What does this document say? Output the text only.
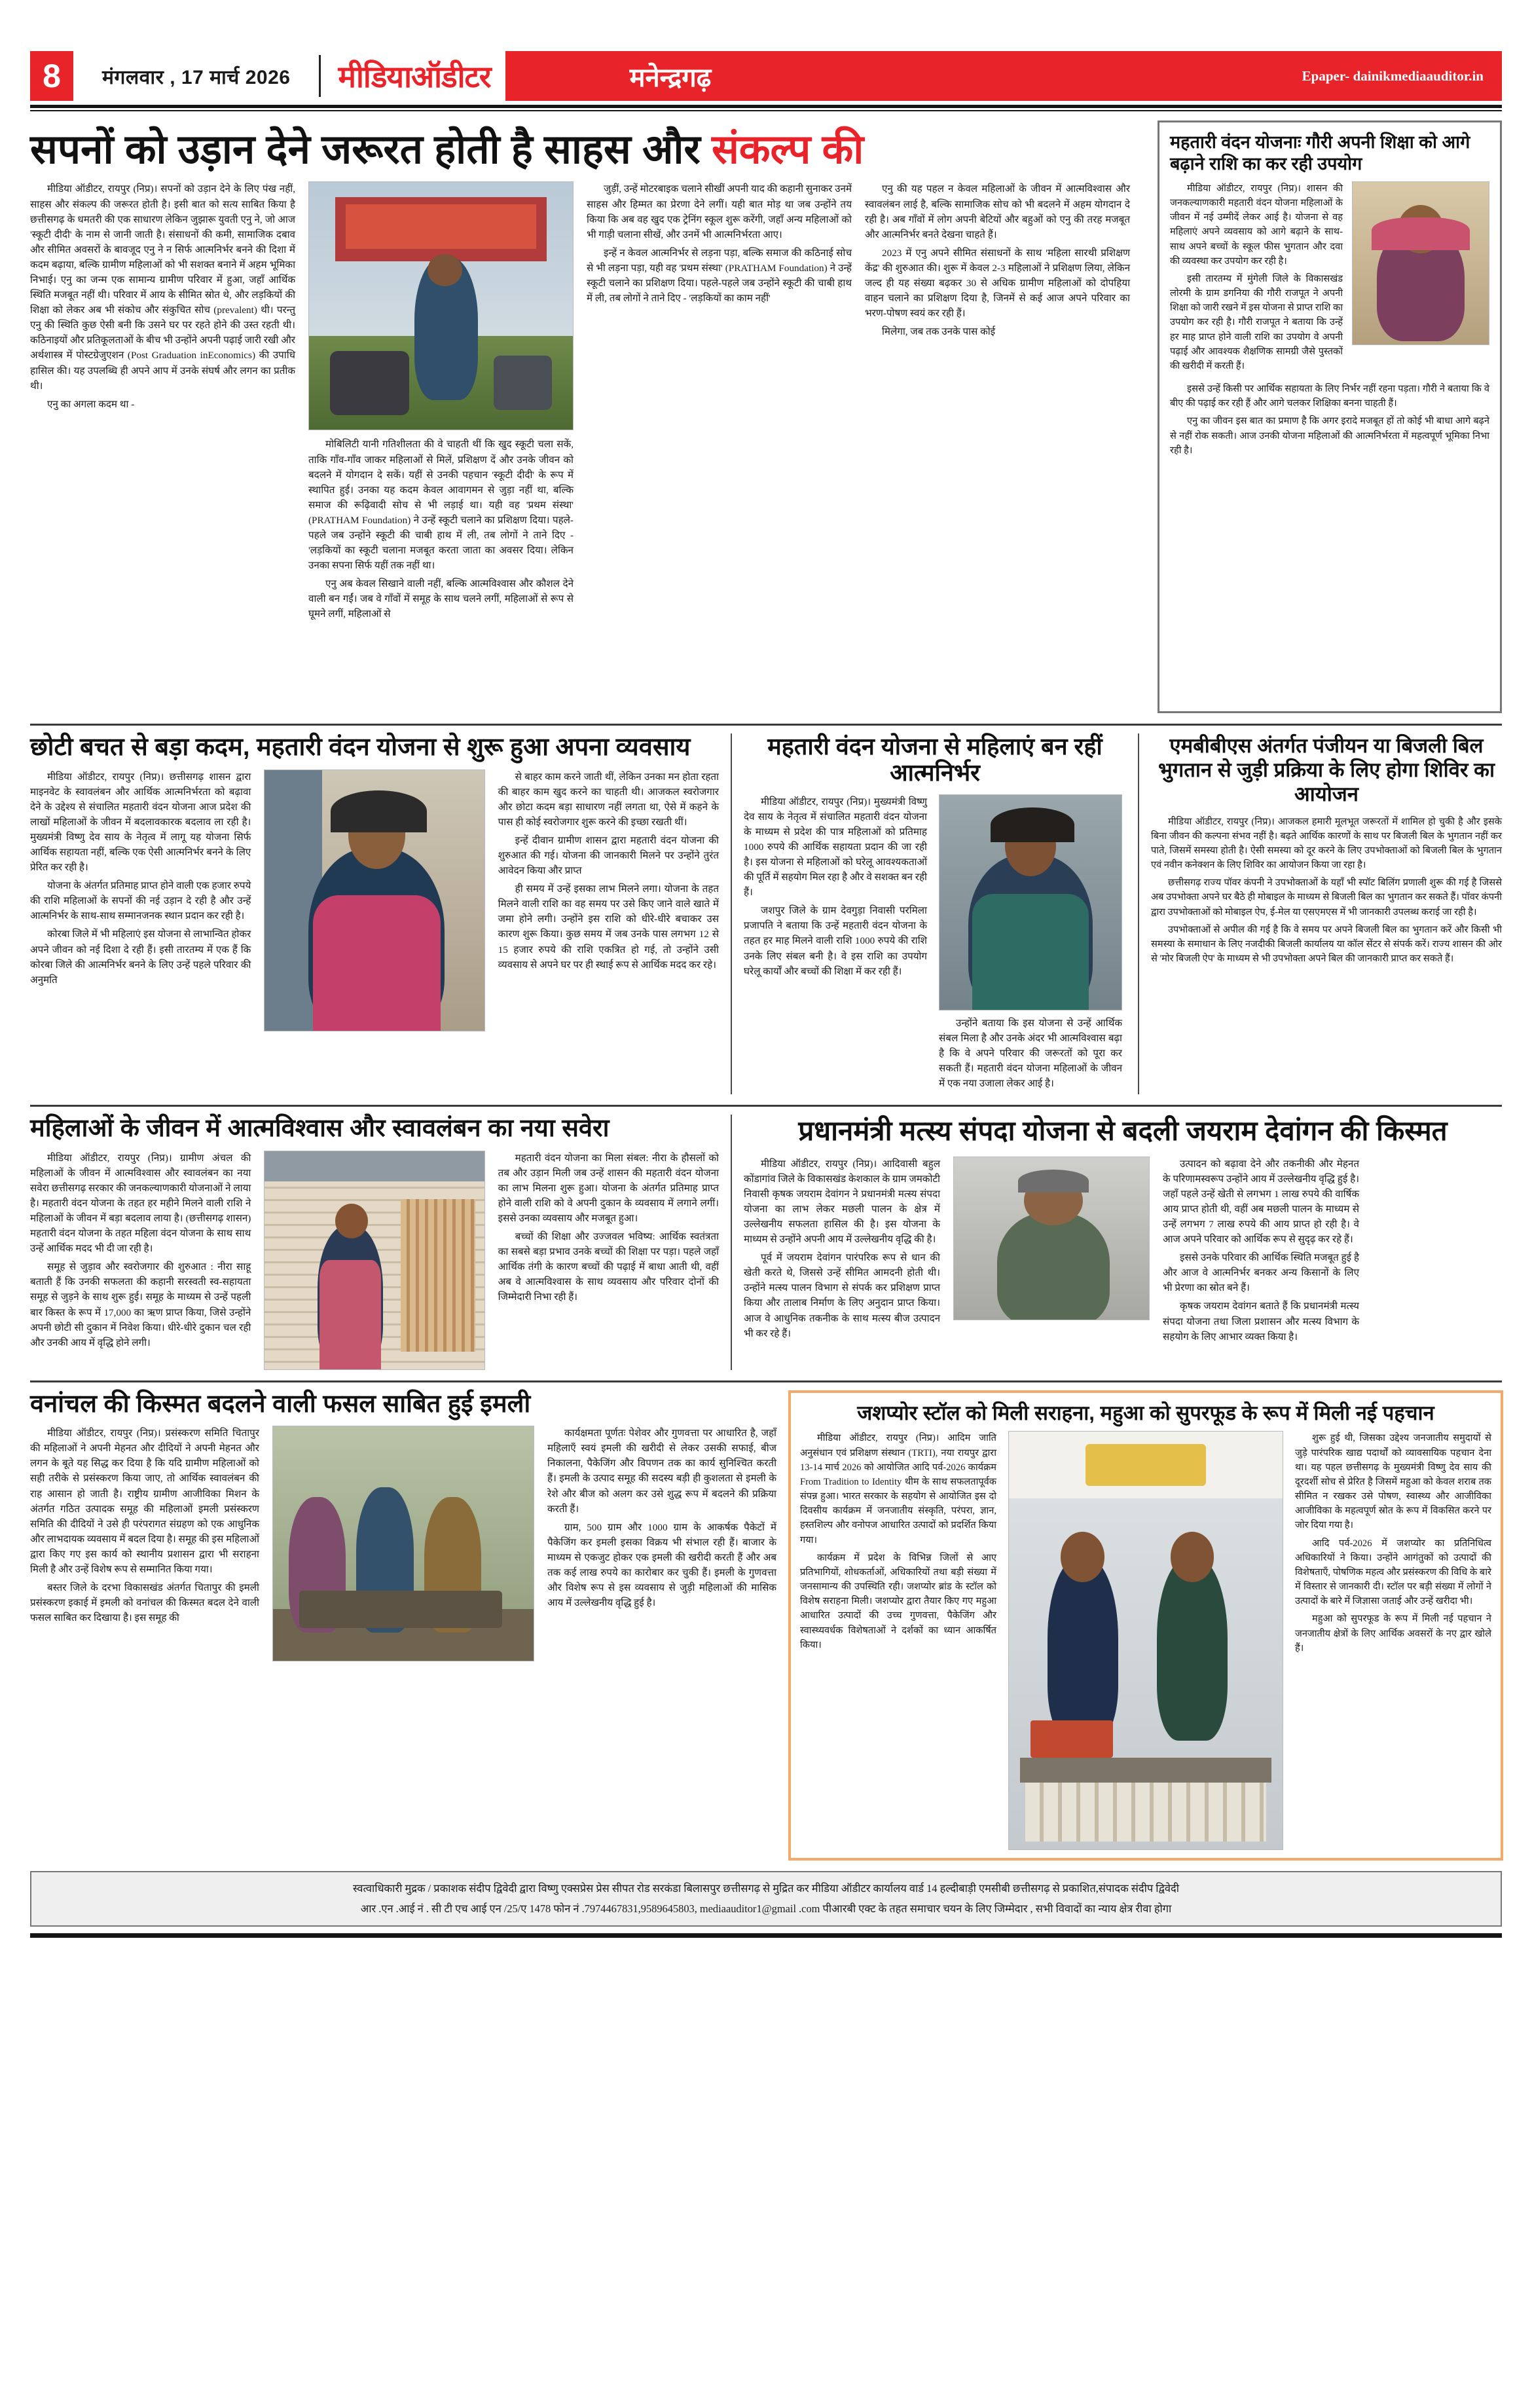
8	मंगलवार , 17 मार्च 2026	मीडियाऑडीटर	मनेन्द्रगढ़	Epaper- dainikmediaauditor.in
सपनों को उड़ान देने जरूरत होती है साहस और संकल्प की

मीडिया ऑडीटर, रायपुर (निप्र)। सपनों को उड़ान देने के लिए पंख नहीं, साहस और संकल्प की जरूरत होती है। इसी बात को सत्य साबित किया है छत्तीसगढ़ के धमतरी की एक साधारण लेकिन जुझारू युवती एनु ने, जो आज 'स्कूटी दीदी' के नाम से जानी जाती है। संसाधनों की कमी, सामाजिक दबाव और सीमित अवसरों के बावजूद एनु ने न सिर्फ आत्मनिर्भर बनने की दिशा में कदम बढ़ाया, बल्कि ग्रामीण महिलाओं को भी सशक्त बनाने में अहम भूमिका निभाई। एनु का जन्म एक सामान्य ग्रामीण परिवार में हुआ, जहाँ आर्थिक स्थिति मजबूत नहीं थी। परिवार में आय के सीमित स्रोत थे, और लड़कियों की शिक्षा को लेकर अब भी संकोच और संकुचित सोच (prevalent) थी। परन्तु एनु की स्थिति कुछ ऐसी बनी कि उसने घर पर रहते होने की उस्त रहती थी। कठिनाइयों और प्रतिकूलताओं के बीच भी उन्होंने अपनी पढ़ाई जारी रखी और अर्थशास्त्र में पोस्टग्रेजुएशन (Post Graduation inEconomics) की उपाधि हासिल की। यह उपलब्धि ही अपने आप में उनके संघर्ष और लगन का प्रतीक थी।

एनु का अगला कदम था -

मोबिलिटी यानी गतिशीलता की वे चाहती थीं कि खुद स्कूटी चला सकें, ताकि गाँव-गाँव जाकर महिलाओं से मिलें, प्रशिक्षण दें और उनके जीवन को बदलने में योगदान दे सकें। यहीं से उनकी पहचान 'स्कूटी दीदी' के रूप में स्थापित हुई। उनका यह कदम केवल आवागमन से जुड़ा नहीं था, बल्कि समाज की रूढ़िवादी सोच से भी लड़ाई था। यही वह 'प्रथम संस्था' (PRATHAM Foundation) ने उन्हें स्कूटी चलाने का प्रशिक्षण दिया। पहले-पहले जब उन्होंने स्कूटी की चाबी हाथ में ली, तब लोगों ने ताने दिए - 'लड़कियों का स्कूटी चलाना मजबूत करता जाता का अवसर दिया। लेकिन उनका सपना सिर्फ यहीं तक नहीं था।

एनु अब केवल सिखाने वाली नहीं, बल्कि आत्मविश्वास और कौशल देने वाली बन गईं। जब वे गाँवों में समूह के साथ चलने लगीं, महिलाओं से रूप से घूमने लगीं, महिलाओं से

जुड़ीं, उन्हें मोटरबाइक चलाने सीखीं अपनी याद की कहानी सुनाकर उनमें साहस और हिम्मत का प्रेरणा देने लगीं। यही बात मोड़ था जब उन्होंने तय किया कि अब वह खुद एक ट्रेनिंग स्कूल शुरू करेंगी, जहाँ अन्य महिलाओं को भी गाड़ी चलाना सीखें, और उनमें भी आत्मनिर्भरता आए।

इन्हें न केवल आत्मनिर्भर से लड़ना पड़ा, बल्कि समाज की कठिनाई सोच से भी लड़ना पड़ा, यही वह 'प्रथम संस्था' (PRATHAM Foundation) ने उन्हें स्कूटी चलाने का प्रशिक्षण दिया। पहले-पहले जब उन्होंने स्कूटी की चाबी हाथ में ली, तब लोगों ने ताने दिए - 'लड़कियों का काम नहीं'

एनु की यह पहल न केवल महिलाओं के जीवन में आत्मविश्वास और स्वावलंबन लाई है, बल्कि सामाजिक सोच को भी बदलने में अहम योगदान दे रही है। अब गाँवों में लोग अपनी बेटियों और बहुओं को एनु की तरह मजबूत और आत्मनिर्भर बनते देखना चाहते हैं।

2023 में एनु अपने सीमित संसाधनों के साथ 'महिला सारथी प्रशिक्षण केंद्र' की शुरुआत की। शुरू में केवल 2-3 महिलाओं ने प्रशिक्षण लिया, लेकिन जल्द ही यह संख्या बढ़कर 30 से अधिक ग्रामीण महिलाओं को दोपहिया वाहन चलाने का प्रशिक्षण दिया है, जिनमें से कई आज अपने परिवार का भरण-पोषण स्वयं कर रही हैं।

मिलेगा, जब तक उनके पास कोई

महतारी वंदन योजनाः गौरी अपनी शिक्षा को आगे बढ़ाने राशि का कर रही उपयोग

मीडिया ऑडीटर, रायपुर (निप्र)। शासन की जनकल्याणकारी महतारी वंदन योजना महिलाओं के जीवन में नई उम्मीदें लेकर आई है। योजना से वह महिलाएं अपने व्यवसाय को आगे बढ़ाने के साथ-साथ अपने बच्चों के स्कूल फीस भुगतान और दवा की व्यवस्था कर उपयोग कर रही है।

इसी तारतम्य में मुंगेली जिले के विकासखंड लोरमी के ग्राम डगनिया की गौरी राजपूत ने अपनी शिक्षा को जारी रखने में इस योजना से प्राप्त राशि का उपयोग कर रही है। गौरी राजपूत ने बताया कि उन्हें हर माह प्राप्त होने वाली राशि का उपयोग वे अपनी पढ़ाई और आवश्यक शैक्षणिक सामग्री जैसे पुस्तकों की खरीदी में करती हैं।

इससे उन्हें किसी पर आर्थिक सहायता के लिए निर्भर नहीं रहना पड़ता। गौरी ने बताया कि वे बीए की पढ़ाई कर रही हैं और आगे चलकर शिक्षिका बनना चाहती हैं।

एनु का जीवन इस बात का प्रमाण है कि अगर इरादे मजबूत हों तो कोई भी बाधा आगे बढ़ने से नहीं रोक सकती। आज उनकी योजना महिलाओं की आत्मनिर्भरता में महत्वपूर्ण भूमिका निभा रही है।

छोटी बचत से बड़ा कदम, महतारी वंदन योजना से शुरू हुआ अपना व्यवसाय

मीडिया ऑडीटर, रायपुर (निप्र)। छत्तीसगढ़ शासन द्वारा माइनवेट के स्वावलंबन और आर्थिक आत्मनिर्भरता को बढ़ावा देने के उद्देश्य से संचालित महतारी वंदन योजना आज प्रदेश की लाखों महिलाओं के जीवन में बदलावकारक बदलाव ला रही है। मुख्यमंत्री विष्णु देव साय के नेतृत्व में लागू यह योजना सिर्फ आर्थिक सहायता नहीं, बल्कि एक ऐसी आत्मनिर्भर बनने के लिए प्रेरित कर रही है।

योजना के अंतर्गत प्रतिमाह प्राप्त होने वाली एक हजार रुपये की राशि महिलाओं के सपनों की नई उड़ान दे रही है और उन्हें आत्मनिर्भर के साथ-साथ सम्मानजनक स्थान प्रदान कर रही है।

कोरबा जिले में भी महिलाएं इस योजना से लाभान्वित होकर अपने जीवन को नई दिशा दे रही हैं। इसी तारतम्य में एक हैं कि कोरबा जिले की आत्मनिर्भर बनने के लिए उन्हें पहले परिवार की अनुमति

से बाहर काम करने जाती थीं, लेकिन उनका मन होता रहता की बाहर काम खुद करने का चाहती थी। आजकल स्वरोजगार और छोटा कदम बड़ा साधारण नहीं लगता था, ऐसे में कहने के पास ही कोई स्वरोजगार शुरू करने की इच्छा रखती थीं।

इन्हें दीवान ग्रामीण शासन द्वारा महतारी वंदन योजना की शुरुआत की गई। योजना की जानकारी मिलने पर उन्होंने तुरंत आवेदन किया और प्राप्त

ही समय में उन्हें इसका लाभ मिलने लगा। योजना के तहत मिलने वाली राशि का वह समय पर उसे किए जाने वाले खाते में जमा होने लगी। उन्होंने इस राशि को धीरे-धीरे बचाकर उस कारण शुरू किया। कुछ समय में जब उनके पास लगभग 12 से 15 हजार रुपये की राशि एकत्रित हो गई, तो उन्होंने उसी व्यवसाय से अपने घर पर ही स्थाई रूप से आर्थिक मदद कर रहे।

महतारी वंदन योजना से महिलाएं बन रहीं आत्मनिर्भर

मीडिया ऑडीटर, रायपुर (निप्र)। मुख्यमंत्री विष्णु देव साय के नेतृत्व में संचालित महतारी वंदन योजना के माध्यम से प्रदेश की पात्र महिलाओं को प्रतिमाह 1000 रुपये की आर्थिक सहायता प्रदान की जा रही है। इस योजना से महिलाओं को घरेलू आवश्यकताओं की पूर्ति में सहयोग मिल रहा है और वे सशक्त बन रही हैं।

जशपुर जिले के ग्राम देवगुड़ा निवासी परमिला प्रजापति ने बताया कि उन्हें महतारी वंदन योजना के तहत हर माह मिलने वाली राशि 1000 रुपये की राशि उनके लिए संबल बनी है। वे इस राशि का उपयोग घरेलू कार्यों और बच्चों की शिक्षा में कर रही हैं।

उन्होंने बताया कि इस योजना से उन्हें आर्थिक संबल मिला है और उनके अंदर भी आत्मविश्वास बढ़ा है कि वे अपने परिवार की जरूरतों को पूरा कर सकती हैं। महतारी वंदन योजना महिलाओं के जीवन में एक नया उजाला लेकर आई है।

एमबीबीएस अंतर्गत पंजीयन या बिजली बिल भुगतान से जुड़ी प्रक्रिया के लिए होगा शिविर का आयोजन

मीडिया ऑडीटर, रायपुर (निप्र)। आजकल हमारी मूलभूत जरूरतों में शामिल हो चुकी है और इसके बिना जीवन की कल्पना संभव नहीं है। बढ़ते आर्थिक कारणों के साथ पर बिजली बिल के भुगतान नहीं कर पाते, जिसमें समस्या होती है। ऐसी समस्या को दूर करने के लिए उपभोक्ताओं को बिजली बिल के भुगतान एवं नवीन कनेक्शन के लिए शिविर का आयोजन किया जा रहा है।

छत्तीसगढ़ राज्य पॉवर कंपनी ने उपभोक्ताओं के यहाँ भी स्पॉट बिलिंग प्रणाली शुरू की गई है जिससे अब उपभोक्ता अपने घर बैठे ही मोबाइल के माध्यम से बिजली बिल का भुगतान कर सकते हैं। पॉवर कंपनी द्वारा उपभोक्ताओं को मोबाइल ऐप, ई-मेल या एसएमएस में भी जानकारी उपलब्ध कराई जा रही है।

उपभोक्ताओं से अपील की गई है कि वे समय पर अपने बिजली बिल का भुगतान करें और किसी भी समस्या के समाधान के लिए नजदीकी बिजली कार्यालय या कॉल सेंटर से संपर्क करें। राज्य शासन की ओर से 'मोर बिजली ऐप' के माध्यम से भी उपभोक्ता अपने बिल की जानकारी प्राप्त कर सकते हैं।

महिलाओं के जीवन में आत्मविश्वास और स्वावलंबन का नया सवेरा

मीडिया ऑडीटर, रायपुर (निप्र)। ग्रामीण अंचल की महिलाओं के जीवन में आत्मविश्वास और स्वावलंबन का नया सवेरा छत्तीसगढ़ सरकार की जनकल्याणकारी योजनाओं ने लाया है। महतारी वंदन योजना के तहत हर महीने मिलने वाली राशि ने महिलाओं के जीवन में बड़ा बदलाव लाया है। (छत्तीसगढ़ शासन) महतारी वंदन योजना के तहत महिला वंदन योजना के साथ साथ उन्हें आर्थिक मदद भी दी जा रही है।

समूह से जुड़ाव और स्वरोजगार की शुरुआत : नीरा साहू बताती हैं कि उनकी सफलता की कहानी सरस्वती स्व-सहायता समूह से जुड़ने के साथ शुरू हुई। समूह के माध्यम से उन्हें पहली बार किस्त के रूप में 17,000 का ऋण प्राप्त किया, जिसे उन्होंने अपनी छोटी सी दुकान में निवेश किया। धीरे-धीरे दुकान चल रही और उनकी आय में वृद्धि होने लगी।

महतारी वंदन योजना का मिला संबल: नीरा के हौसलों को तब और उड़ान मिली जब उन्हें शासन की महतारी वंदन योजना का लाभ मिलना शुरू हुआ। योजना के अंतर्गत प्रतिमाह प्राप्त होने वाली राशि को वे अपनी दुकान के व्यवसाय में लगाने लगीं। इससे उनका व्यवसाय और मजबूत हुआ।

बच्चों की शिक्षा और उज्जवल भविष्य: आर्थिक स्वतंत्रता का सबसे बड़ा प्रभाव उनके बच्चों की शिक्षा पर पड़ा। पहले जहाँ आर्थिक तंगी के कारण बच्चों की पढ़ाई में बाधा आती थी, वहीं अब वे आत्मविश्वास के साथ व्यवसाय और परिवार दोनों की जिम्मेदारी निभा रही हैं।

प्रधानमंत्री मत्स्य संपदा योजना से बदली जयराम देवांगन की किस्मत

मीडिया ऑडीटर, रायपुर (निप्र)। आदिवासी बहुल कोंडागांव जिले के विकासखंड केशकाल के ग्राम जमकोटी निवासी कृषक जयराम देवांगन ने प्रधानमंत्री मत्स्य संपदा योजना का लाभ लेकर मछली पालन के क्षेत्र में उल्लेखनीय सफलता हासिल की है। इस योजना के माध्यम से उन्होंने अपनी आय में उल्लेखनीय वृद्धि की है।

पूर्व में जयराम देवांगन पारंपरिक रूप से धान की खेती करते थे, जिससे उन्हें सीमित आमदनी होती थी। उन्होंने मत्स्य पालन विभाग से संपर्क कर प्रशिक्षण प्राप्त किया और तालाब निर्माण के लिए अनुदान प्राप्त किया। आज वे आधुनिक तकनीक के साथ मत्स्य बीज उत्पादन भी कर रहे हैं।

उत्पादन को बढ़ावा देने और तकनीकी और मेहनत के परिणामस्वरूप उन्होंने आय में उल्लेखनीय वृद्धि हुई है। जहाँ पहले उन्हें खेती से लगभग 1 लाख रुपये की वार्षिक आय प्राप्त होती थी, वहीं अब मछली पालन के माध्यम से उन्हें लगभग 7 लाख रुपये की आय प्राप्त हो रही है। वे आज अपने परिवार को आर्थिक रूप से सुदृढ़ कर रहे हैं।

इससे उनके परिवार की आर्थिक स्थिति मजबूत हुई है और आज वे आत्मनिर्भर बनकर अन्य किसानों के लिए भी प्रेरणा का स्रोत बने हैं।

कृषक जयराम देवांगन बताते हैं कि प्रधानमंत्री मत्स्य संपदा योजना तथा जिला प्रशासन और मत्स्य विभाग के सहयोग के लिए आभार व्यक्त किया है।

वनांचल की किस्मत बदलने वाली फसल साबित हुई इमली

मीडिया ऑडीटर, रायपुर (निप्र)। प्रसंस्करण समिति चितापुर की महिलाओं ने अपनी मेहनत और दीदियों ने अपनी मेहनत और लगन के बूते यह सिद्ध कर दिया है कि यदि ग्रामीण महिलाओं को सही तरीके से प्रसंस्करण किया जाए, तो आर्थिक स्वावलंबन की राह आसान हो जाती है। राष्ट्रीय ग्रामीण आजीविका मिशन के अंतर्गत गठित उत्पादक समूह की महिलाओं इमली प्रसंस्करण समिति की दीदियों ने उसे ही परंपरागत संग्रहण को एक आधुनिक और लाभदायक व्यवसाय में बदल दिया है। समूह की इस महिलाओं द्वारा किए गए इस कार्य को स्थानीय प्रशासन द्वारा भी सराहना मिली है और उन्हें विशेष रूप से सम्मानित किया गया।

बस्तर जिले के दरभा विकासखंड अंतर्गत चितापुर की इमली प्रसंस्करण इकाई में इमली को वनांचल की किस्मत बदल देने वाली फसल साबित कर दिखाया है। इस समूह की

कार्यक्षमता पूर्णतः पेशेवर और गुणवत्ता पर आधारित है, जहाँ महिलाएँ स्वयं इमली की खरीदी से लेकर उसकी सफाई, बीज निकालना, पैकेजिंग और विपणन तक का कार्य सुनिश्चित करती हैं। इमली के उत्पाद समूह की सदस्य बड़ी ही कुशलता से इमली के रेशे और बीज को अलग कर उसे शुद्ध रूप में बदलने की प्रक्रिया करती हैं।

ग्राम, 500 ग्राम और 1000 ग्राम के आकर्षक पैकेटों में पैकेजिंग कर इमली इसका विक्रय भी संभाल रही हैं। बाजार के माध्यम से एकजुट होकर एक इमली की खरीदी करती हैं और अब तक कई लाख रुपये का कारोबार कर चुकी हैं। इमली के गुणवत्ता और विशेष रूप से इस व्यवसाय से जुड़ी महिलाओं की मासिक आय में उल्लेखनीय वृद्धि हुई है।

जशप्योर स्टॉल को मिली सराहना, महुआ को सुपरफूड के रूप में मिली नई पहचान

मीडिया ऑडीटर, रायपुर (निप्र)। आदिम जाति अनुसंधान एवं प्रशिक्षण संस्थान (TRTI), नया रायपुर द्वारा 13-14 मार्च 2026 को आयोजित आदि पर्व-2026 कार्यक्रम From Tradition to Identity थीम के साथ सफलतापूर्वक संपन्न हुआ। भारत सरकार के सहयोग से आयोजित इस दो दिवसीय कार्यक्रम में जनजातीय संस्कृति, परंपरा, ज्ञान, हस्तशिल्प और वनोपज आधारित उत्पादों को प्रदर्शित किया गया।

कार्यक्रम में प्रदेश के विभिन्न जिलों से आए प्रतिभागियों, शोधकर्ताओं, अधिकारियों तथा बड़ी संख्या में जनसामान्य की उपस्थिति रही। जशप्योर ब्रांड के स्टॉल को विशेष सराहना मिली। जशप्योर द्वारा तैयार किए गए महुआ आधारित उत्पादों की उच्च गुणवत्ता, पैकेजिंग और स्वास्थ्यवर्धक विशेषताओं ने दर्शकों का ध्यान आकर्षित किया।

शुरू हुई थी, जिसका उद्देश्य जनजातीय समुदायों से जुड़े पारंपरिक खाद्य पदार्थों को व्यावसायिक पहचान देना था। यह पहल छत्तीसगढ़ के मुख्यमंत्री विष्णु देव साय की दूरदर्शी सोच से प्रेरित है जिसमें महुआ को केवल शराब तक सीमित न रखकर उसे पोषण, स्वास्थ्य और आजीविका आजीविका के महत्वपूर्ण स्रोत के रूप में विकसित करने पर जोर दिया गया है।

आदि पर्व-2026 में जशप्योर का प्रतिनिधित्व अधिकारियों ने किया। उन्होंने आगंतुकों को उत्पादों की विशेषताएँ, पोषणिक महत्व और प्रसंस्करण की विधि के बारे में विस्तार से जानकारी दी। स्टॉल पर बड़ी संख्या में लोगों ने उत्पादों के बारे में जिज्ञासा जताई और उन्हें खरीदा भी।

महुआ को सुपरफूड के रूप में मिली नई पहचान ने जनजातीय क्षेत्रों के लिए आर्थिक अवसरों के नए द्वार खोले हैं।

स्वत्वाधिकारी मुद्रक / प्रकाशक संदीप द्विवेदी द्वारा विष्णु एक्सप्रेस प्रेस सीपत रोड सरकंडा बिलासपुर छत्तीसगढ़ से मुद्रित कर मीडिया ऑडीटर कार्यालय वार्ड 14 हल्दीबाड़ी एमसीबी छत्तीसगढ़ से प्रकाशित,संपादक संदीप द्विवेदी
आर .एन .आई नं . सी टी एच आई एन /25/ए 1478 फोन नं .7974467831,9589645803, mediaauditor1@gmail .com पीआरबी एक्ट के तहत समाचार चयन के लिए जिम्मेदार , सभी विवादों का न्याय क्षेत्र रीवा होगा
